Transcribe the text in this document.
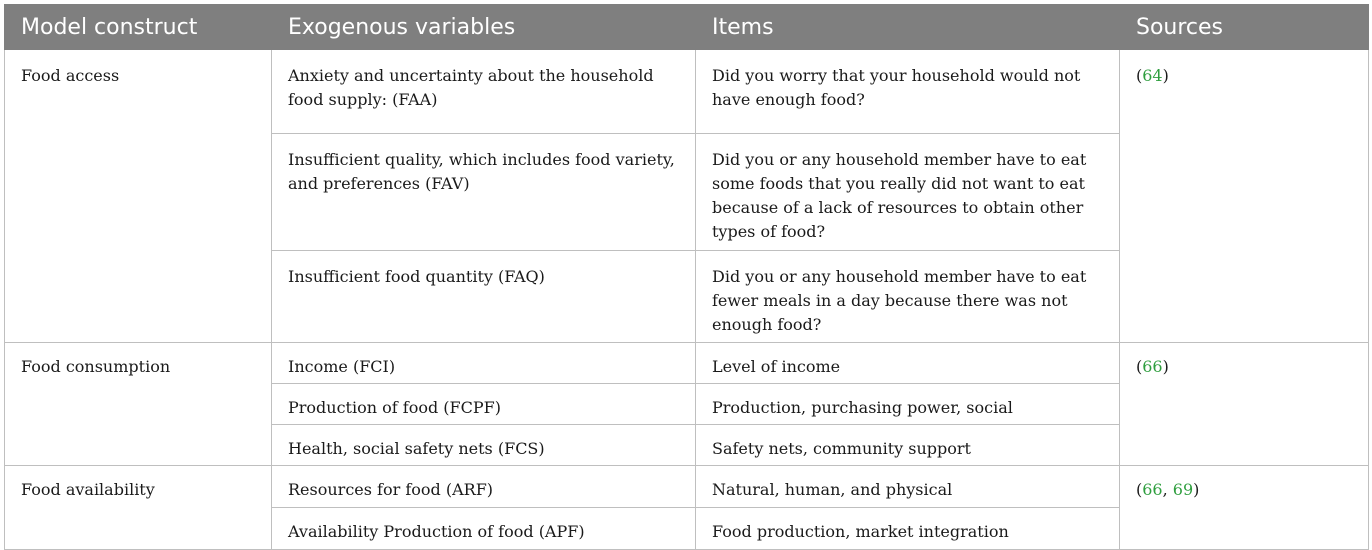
Model construct	Exogenous variables	Items	Sources
Food access	Anxiety and uncertainty about the household food supply: (FAA)	Did you worry that your household would not have enough food?	(64)
	Insufficient quality, which includes food variety, and preferences (FAV)	Did you or any household member have to eat some foods that you really did not want to eat because of a lack of resources to obtain other types of food?	
	Insufficient food quantity (FAQ)	Did you or any household member have to eat fewer meals in a day because there was not enough food?	
Food consumption	Income (FCI)	Level of income	(66)
	Production of food (FCPF)	Production, purchasing power, social	
	Health, social safety nets (FCS)	Safety nets, community support	
Food availability	Resources for food (ARF)	Natural, human, and physical	(66, 69)
	Availability Production of food (APF)	Food production, market integration	
